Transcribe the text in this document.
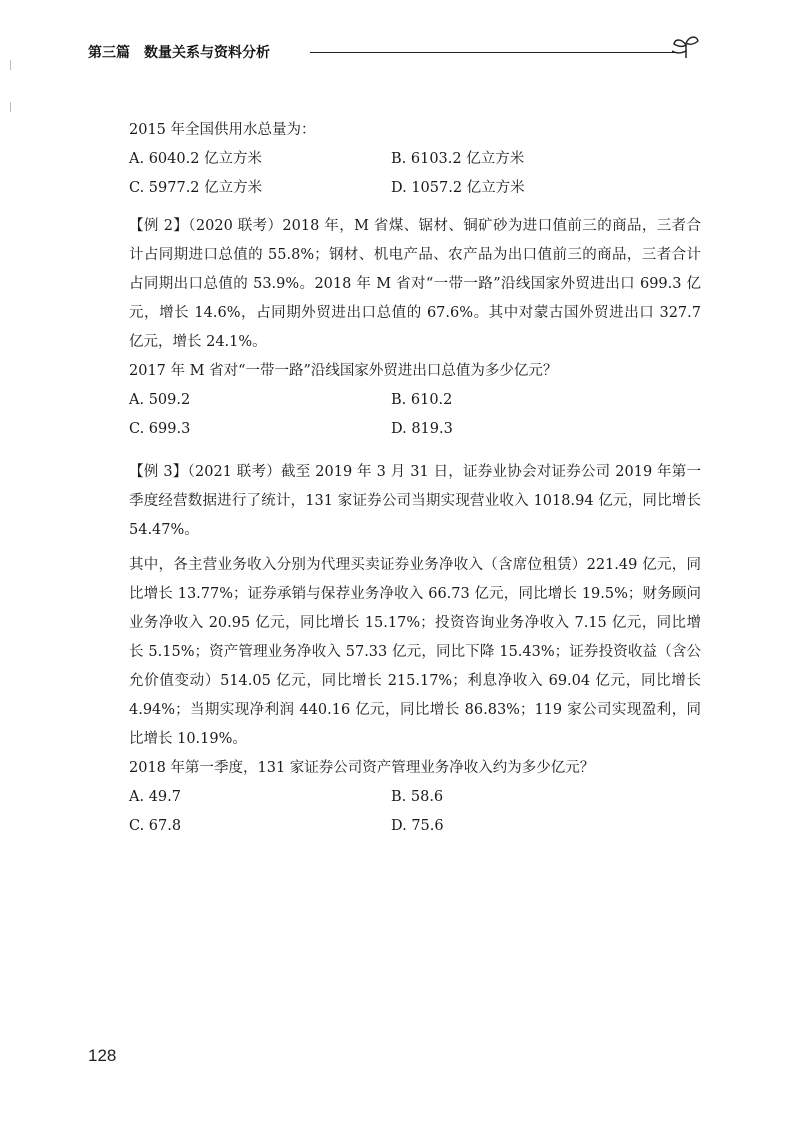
第三篇 数量关系与资料分析

2015 年全国供用水总量为：

A. 6040.2 亿立方米	B. 6103.2 亿立方米
C. 5977.2 亿立方米	D. 1057.2 亿立方米

【例 2】（2020 联考）2018 年，M 省煤、锯材、铜矿砂为进口值前三的商品，三者合计占同期进口总值的 55.8%；钢材、机电产品、农产品为出口值前三的商品，三者合计占同期出口总值的 53.9%。2018 年 M 省对“一带一路”沿线国家外贸进出口 699.3 亿元，增长 14.6%，占同期外贸进出口总值的 67.6%。其中对蒙古国外贸进出口 327.7 亿元，增长 24.1%。

2017 年 M 省对“一带一路”沿线国家外贸进出口总值为多少亿元？

A. 509.2	B. 610.2
C. 699.3	D. 819.3

【例 3】（2021 联考）截至 2019 年 3 月 31 日，证券业协会对证券公司 2019 年第一季度经营数据进行了统计，131 家证券公司当期实现营业收入 1018.94 亿元，同比增长 54.47%。

其中，各主营业务收入分别为代理买卖证券业务净收入（含席位租赁）221.49 亿元，同比增长 13.77%；证券承销与保荐业务净收入 66.73 亿元，同比增长 19.5%；财务顾问业务净收入 20.95 亿元，同比增长 15.17%；投资咨询业务净收入 7.15 亿元，同比增长 5.15%；资产管理业务净收入 57.33 亿元，同比下降 15.43%；证券投资收益（含公允价值变动）514.05 亿元，同比增长 215.17%；利息净收入 69.04 亿元，同比增长 4.94%；当期实现净利润 440.16 亿元，同比增长 86.83%；119 家公司实现盈利，同比增长 10.19%。

2018 年第一季度，131 家证券公司资产管理业务净收入约为多少亿元？

A. 49.7	B. 58.6
C. 67.8	D. 75.6
128
